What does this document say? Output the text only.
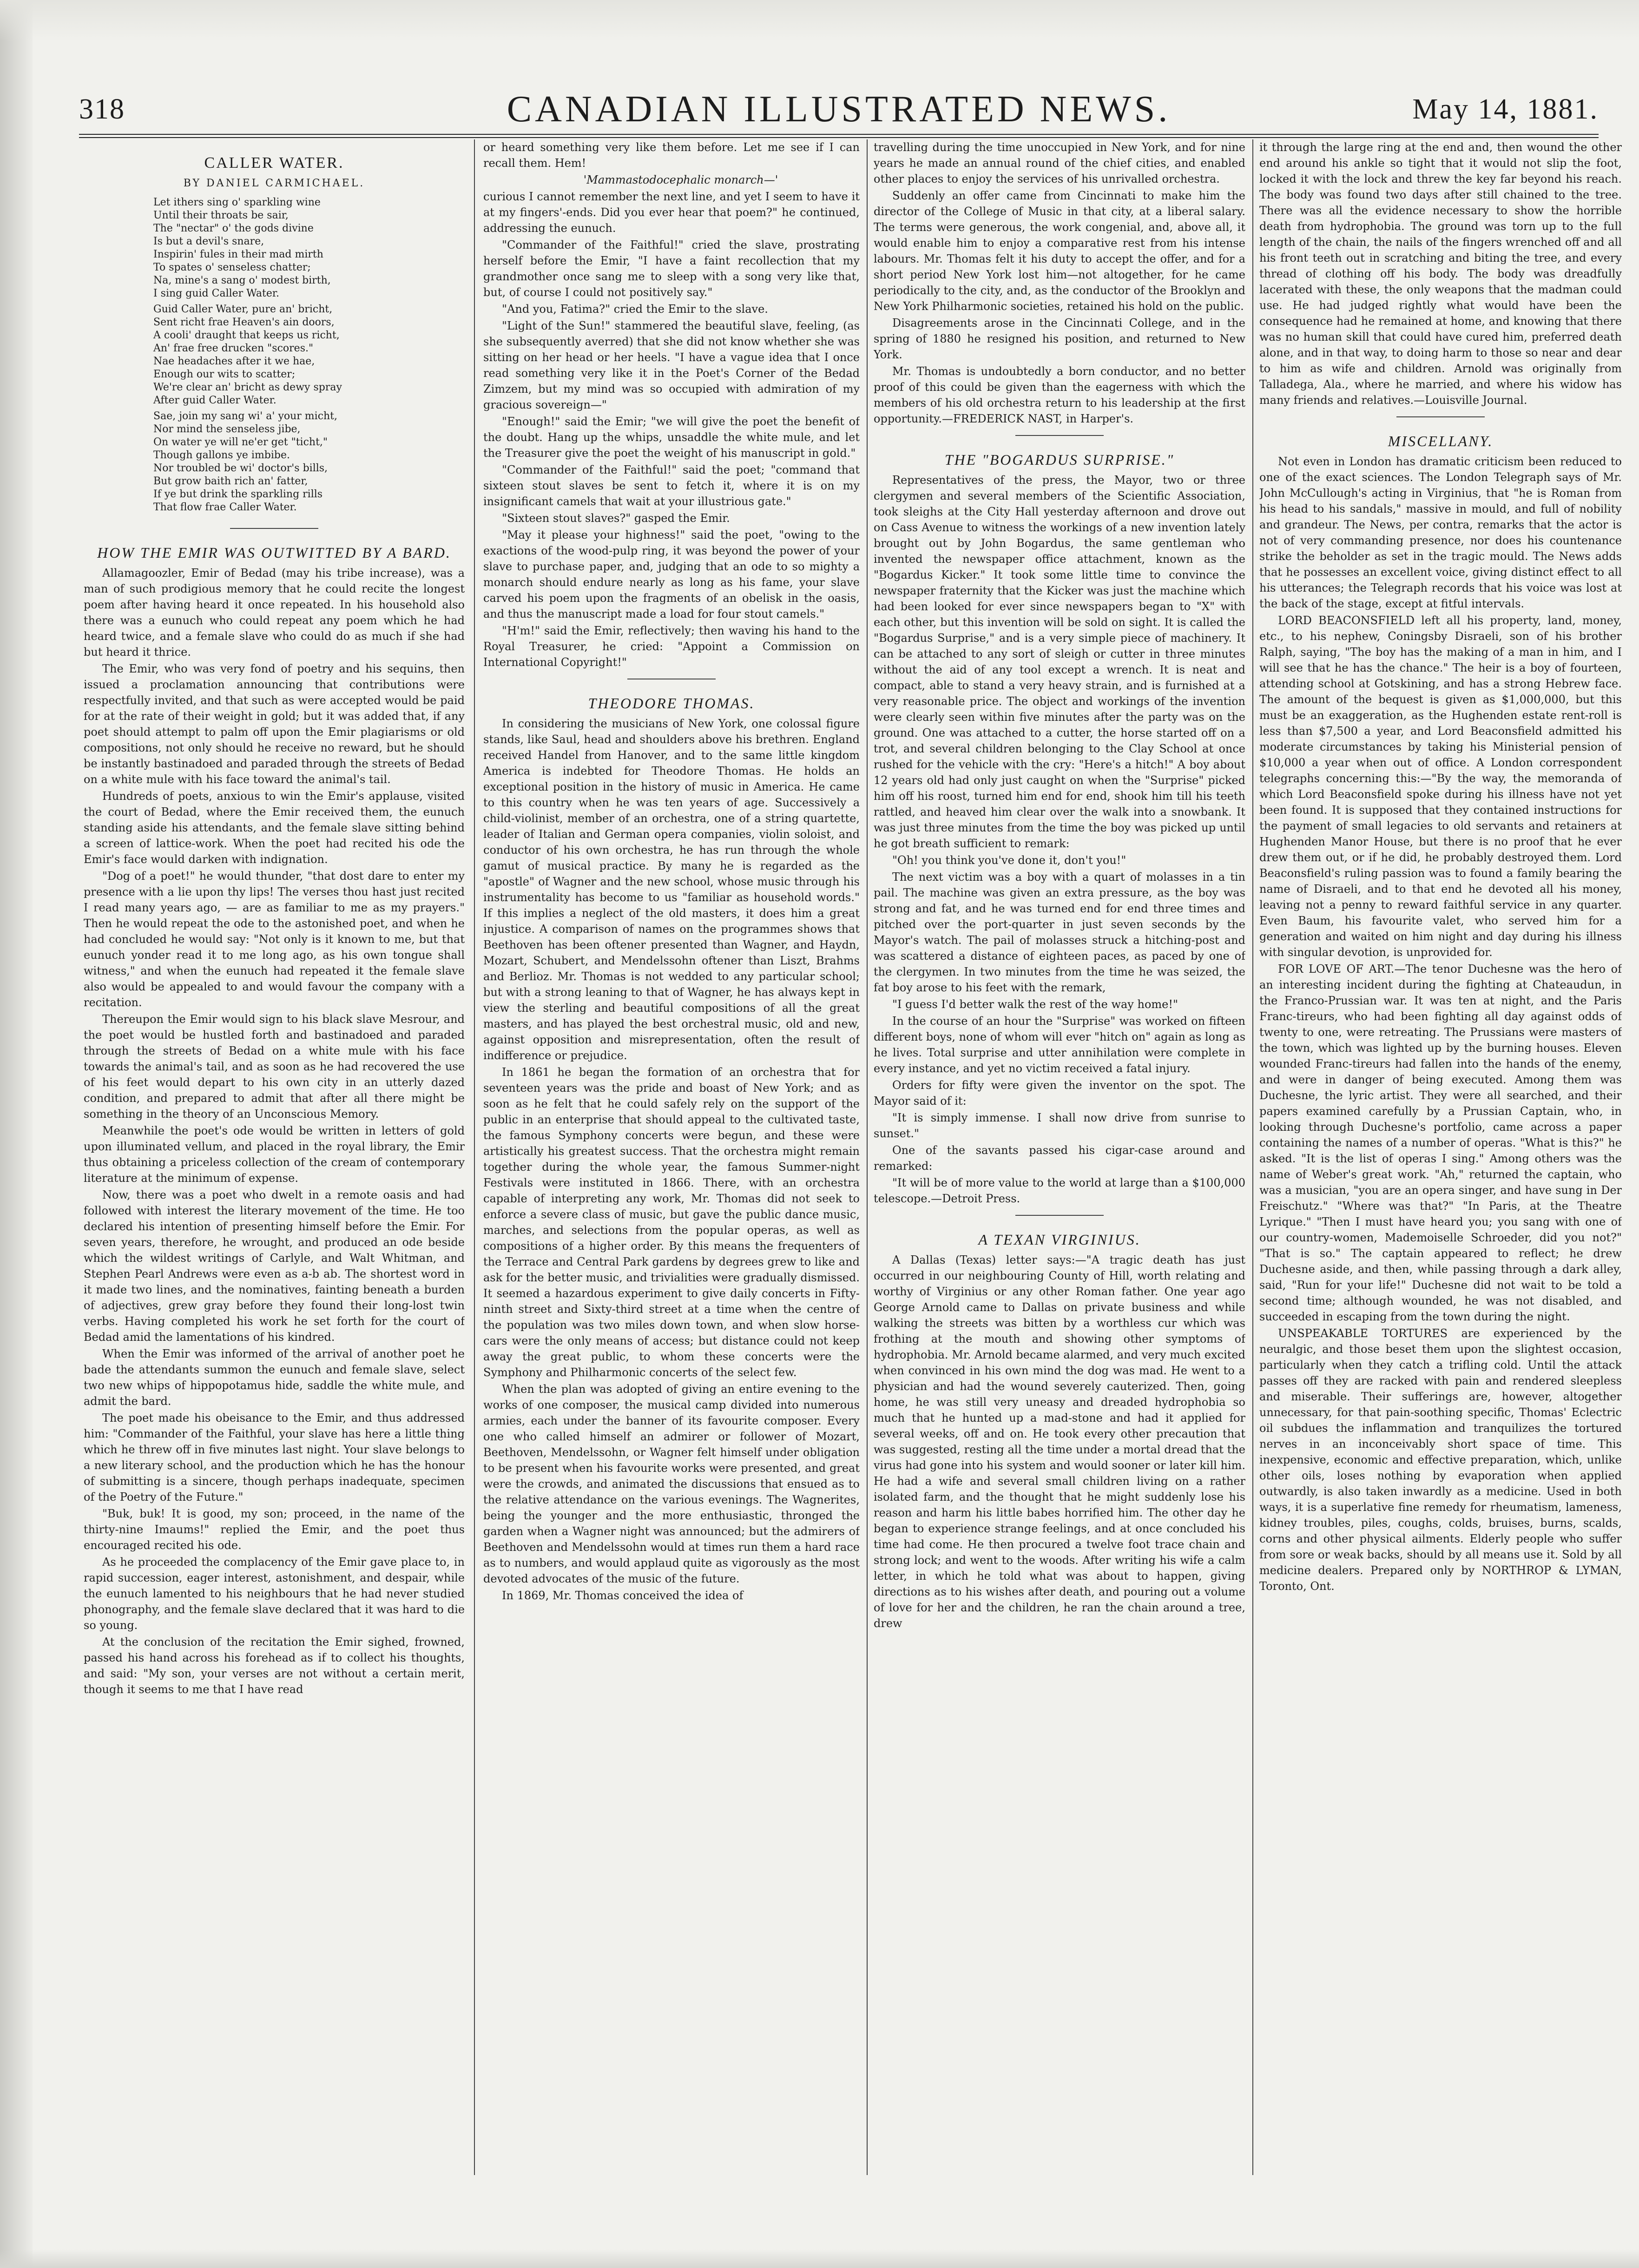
318	CANADIAN ILLUSTRATED NEWS.	May 14, 1881.
CALLER WATER.
BY DANIEL CARMICHAEL.

Let ithers sing o' sparkling wine
Until their throats be sair,
The "nectar" o' the gods divine
Is but a devil's snare,
Inspirin' fules in their mad mirth
To spates o' senseless chatter;
Na, mine's a sang o' modest birth,
I sing guid Caller Water.

Guid Caller Water, pure an' bricht,
Sent richt frae Heaven's ain doors,
A cooli' draught that keeps us richt,
An' frae free drucken "scores."
Nae headaches after it we hae,
Enough our wits to scatter;
We're clear an' bricht as dewy spray
After guid Caller Water.

Sae, join my sang wi' a' your micht,
Nor mind the senseless jibe,
On water ye will ne'er get "ticht,"
Though gallons ye imbibe.
Nor troubled be wi' doctor's bills,
But grow baith rich an' fatter,
If ye but drink the sparkling rills
That flow frae Caller Water.

HOW THE EMIR WAS OUTWITTED BY A BARD.

Allamagoozler, Emir of Bedad (may his tribe increase), was a man of such prodigious memory that he could recite the longest poem after having heard it once repeated. In his household also there was a eunuch who could repeat any poem which he had heard twice, and a female slave who could do as much if she had but heard it thrice.

The Emir, who was very fond of poetry and his sequins, then issued a proclamation announcing that contributions were respectfully invited, and that such as were accepted would be paid for at the rate of their weight in gold; but it was added that, if any poet should attempt to palm off upon the Emir plagiarisms or old compositions, not only should he receive no reward, but he should be instantly bastinadoed and paraded through the streets of Bedad on a white mule with his face toward the animal's tail.

Hundreds of poets, anxious to win the Emir's applause, visited the court of Bedad, where the Emir received them, the eunuch standing aside his attendants, and the female slave sitting behind a screen of lattice-work. When the poet had recited his ode the Emir's face would darken with indignation.

"Dog of a poet!" he would thunder, "that dost dare to enter my presence with a lie upon thy lips! The verses thou hast just recited I read many years ago, — are as familiar to me as my prayers." Then he would repeat the ode to the astonished poet, and when he had concluded he would say: "Not only is it known to me, but that eunuch yonder read it to me long ago, as his own tongue shall witness," and when the eunuch had repeated it the female slave also would be appealed to and would favour the company with a recitation.

Thereupon the Emir would sign to his black slave Mesrour, and the poet would be hustled forth and bastinadoed and paraded through the streets of Bedad on a white mule with his face towards the animal's tail, and as soon as he had recovered the use of his feet would depart to his own city in an utterly dazed condition, and prepared to admit that after all there might be something in the theory of an Unconscious Memory.

Meanwhile the poet's ode would be written in letters of gold upon illuminated vellum, and placed in the royal library, the Emir thus obtaining a priceless collection of the cream of contemporary literature at the minimum of expense.

Now, there was a poet who dwelt in a remote oasis and had followed with interest the literary movement of the time. He too declared his intention of presenting himself before the Emir. For seven years, therefore, he wrought, and produced an ode beside which the wildest writings of Carlyle, and Walt Whitman, and Stephen Pearl Andrews were even as a-b ab. The shortest word in it made two lines, and the nominatives, fainting beneath a burden of adjectives, grew gray before they found their long-lost twin verbs. Having completed his work he set forth for the court of Bedad amid the lamentations of his kindred.

When the Emir was informed of the arrival of another poet he bade the attendants summon the eunuch and female slave, select two new whips of hippopotamus hide, saddle the white mule, and admit the bard.

The poet made his obeisance to the Emir, and thus addressed him: "Commander of the Faithful, your slave has here a little thing which he threw off in five minutes last night. Your slave belongs to a new literary school, and the production which he has the honour of submitting is a sincere, though perhaps inadequate, specimen of the Poetry of the Future."

"Buk, buk! It is good, my son; proceed, in the name of the thirty-nine Imaums!" replied the Emir, and the poet thus encouraged recited his ode.

As he proceeded the complacency of the Emir gave place to, in rapid succession, eager interest, astonishment, and despair, while the eunuch lamented to his neighbours that he had never studied phonography, and the female slave declared that it was hard to die so young.

At the conclusion of the recitation the Emir sighed, frowned, passed his hand across his forehead as if to collect his thoughts, and said: "My son, your verses are not without a certain merit, though it seems to me that I have read

or heard something very like them before. Let me see if I can recall them. Hem!

'Mammastodocephalic monarch—'

curious I cannot remember the next line, and yet I seem to have it at my fingers'-ends. Did you ever hear that poem?" he continued, addressing the eunuch.

"Commander of the Faithful!" cried the slave, prostrating herself before the Emir, "I have a faint recollection that my grandmother once sang me to sleep with a song very like that, but, of course I could not positively say."

"And you, Fatima?" cried the Emir to the slave.

"Light of the Sun!" stammered the beautiful slave, feeling, (as she subsequently averred) that she did not know whether she was sitting on her head or her heels. "I have a vague idea that I once read something very like it in the Poet's Corner of the Bedad Zimzem, but my mind was so occupied with admiration of my gracious sovereign—"

"Enough!" said the Emir; "we will give the poet the benefit of the doubt. Hang up the whips, unsaddle the white mule, and let the Treasurer give the poet the weight of his manuscript in gold."

"Commander of the Faithful!" said the poet; "command that sixteen stout slaves be sent to fetch it, where it is on my insignificant camels that wait at your illustrious gate."

"Sixteen stout slaves?" gasped the Emir.

"May it please your highness!" said the poet, "owing to the exactions of the wood-pulp ring, it was beyond the power of your slave to purchase paper, and, judging that an ode to so mighty a monarch should endure nearly as long as his fame, your slave carved his poem upon the fragments of an obelisk in the oasis, and thus the manuscript made a load for four stout camels."

"H'm!" said the Emir, reflectively; then waving his hand to the Royal Treasurer, he cried: "Appoint a Commission on International Copyright!"

THEODORE THOMAS.

In considering the musicians of New York, one colossal figure stands, like Saul, head and shoulders above his brethren. England received Handel from Hanover, and to the same little kingdom America is indebted for Theodore Thomas. He holds an exceptional position in the history of music in America. He came to this country when he was ten years of age. Successively a child-violinist, member of an orchestra, one of a string quartette, leader of Italian and German opera companies, violin soloist, and conductor of his own orchestra, he has run through the whole gamut of musical practice. By many he is regarded as the "apostle" of Wagner and the new school, whose music through his instrumentality has become to us "familiar as household words." If this implies a neglect of the old masters, it does him a great injustice. A comparison of names on the programmes shows that Beethoven has been oftener presented than Wagner, and Haydn, Mozart, Schubert, and Mendelssohn oftener than Liszt, Brahms and Berlioz. Mr. Thomas is not wedded to any particular school; but with a strong leaning to that of Wagner, he has always kept in view the sterling and beautiful compositions of all the great masters, and has played the best orchestral music, old and new, against opposition and misrepresentation, often the result of indifference or prejudice.

In 1861 he began the formation of an orchestra that for seventeen years was the pride and boast of New York; and as soon as he felt that he could safely rely on the support of the public in an enterprise that should appeal to the cultivated taste, the famous Symphony concerts were begun, and these were artistically his greatest success. That the orchestra might remain together during the whole year, the famous Summer-night Festivals were instituted in 1866. There, with an orchestra capable of interpreting any work, Mr. Thomas did not seek to enforce a severe class of music, but gave the public dance music, marches, and selections from the popular operas, as well as compositions of a higher order. By this means the frequenters of the Terrace and Central Park gardens by degrees grew to like and ask for the better music, and trivialities were gradually dismissed. It seemed a hazardous experiment to give daily concerts in Fifty-ninth street and Sixty-third street at a time when the centre of the population was two miles down town, and when slow horse-cars were the only means of access; but distance could not keep away the great public, to whom these concerts were the Symphony and Philharmonic concerts of the select few.

When the plan was adopted of giving an entire evening to the works of one composer, the musical camp divided into numerous armies, each under the banner of its favourite composer. Every one who called himself an admirer or follower of Mozart, Beethoven, Mendelssohn, or Wagner felt himself under obligation to be present when his favourite works were presented, and great were the crowds, and animated the discussions that ensued as to the relative attendance on the various evenings. The Wagnerites, being the younger and the more enthusiastic, thronged the garden when a Wagner night was announced; but the admirers of Beethoven and Mendelssohn would at times run them a hard race as to numbers, and would applaud quite as vigorously as the most devoted advocates of the music of the future.

In 1869, Mr. Thomas conceived the idea of

travelling during the time unoccupied in New York, and for nine years he made an annual round of the chief cities, and enabled other places to enjoy the services of his unrivalled orchestra.

Suddenly an offer came from Cincinnati to make him the director of the College of Music in that city, at a liberal salary. The terms were generous, the work congenial, and, above all, it would enable him to enjoy a comparative rest from his intense labours. Mr. Thomas felt it his duty to accept the offer, and for a short period New York lost him—not altogether, for he came periodically to the city, and, as the conductor of the Brooklyn and New York Philharmonic societies, retained his hold on the public.

Disagreements arose in the Cincinnati College, and in the spring of 1880 he resigned his position, and returned to New York.

Mr. Thomas is undoubtedly a born conductor, and no better proof of this could be given than the eagerness with which the members of his old orchestra return to his leadership at the first opportunity.—FREDERICK NAST, in Harper's.

THE "BOGARDUS SURPRISE."

Representatives of the press, the Mayor, two or three clergymen and several members of the Scientific Association, took sleighs at the City Hall yesterday afternoon and drove out on Cass Avenue to witness the workings of a new invention lately brought out by John Bogardus, the same gentleman who invented the newspaper office attachment, known as the "Bogardus Kicker." It took some little time to convince the newspaper fraternity that the Kicker was just the machine which had been looked for ever since newspapers began to "X" with each other, but this invention will be sold on sight. It is called the "Bogardus Surprise," and is a very simple piece of machinery. It can be attached to any sort of sleigh or cutter in three minutes without the aid of any tool except a wrench. It is neat and compact, able to stand a very heavy strain, and is furnished at a very reasonable price. The object and workings of the invention were clearly seen within five minutes after the party was on the ground. One was attached to a cutter, the horse started off on a trot, and several children belonging to the Clay School at once rushed for the vehicle with the cry: "Here's a hitch!" A boy about 12 years old had only just caught on when the "Surprise" picked him off his roost, turned him end for end, shook him till his teeth rattled, and heaved him clear over the walk into a snowbank. It was just three minutes from the time the boy was picked up until he got breath sufficient to remark:

"Oh! you think you've done it, don't you!"

The next victim was a boy with a quart of molasses in a tin pail. The machine was given an extra pressure, as the boy was strong and fat, and he was turned end for end three times and pitched over the port-quarter in just seven seconds by the Mayor's watch. The pail of molasses struck a hitching-post and was scattered a distance of eighteen paces, as paced by one of the clergymen. In two minutes from the time he was seized, the fat boy arose to his feet with the remark,

"I guess I'd better walk the rest of the way home!"

In the course of an hour the "Surprise" was worked on fifteen different boys, none of whom will ever "hitch on" again as long as he lives. Total surprise and utter annihilation were complete in every instance, and yet no victim received a fatal injury.

Orders for fifty were given the inventor on the spot. The Mayor said of it:

"It is simply immense. I shall now drive from sunrise to sunset."

One of the savants passed his cigar-case around and remarked:

"It will be of more value to the world at large than a $100,000 telescope.—Detroit Press.

A TEXAN VIRGINIUS.

A Dallas (Texas) letter says:—"A tragic death has just occurred in our neighbouring County of Hill, worth relating and worthy of Virginius or any other Roman father. One year ago George Arnold came to Dallas on private business and while walking the streets was bitten by a worthless cur which was frothing at the mouth and showing other symptoms of hydrophobia. Mr. Arnold became alarmed, and very much excited when convinced in his own mind the dog was mad. He went to a physician and had the wound severely cauterized. Then, going home, he was still very uneasy and dreaded hydrophobia so much that he hunted up a mad-stone and had it applied for several weeks, off and on. He took every other precaution that was suggested, resting all the time under a mortal dread that the virus had gone into his system and would sooner or later kill him. He had a wife and several small children living on a rather isolated farm, and the thought that he might suddenly lose his reason and harm his little babes horrified him. The other day he began to experience strange feelings, and at once concluded his time had come. He then procured a twelve foot trace chain and strong lock; and went to the woods. After writing his wife a calm letter, in which he told what was about to happen, giving directions as to his wishes after death, and pouring out a volume of love for her and the children, he ran the chain around a tree, drew

it through the large ring at the end and, then wound the other end around his ankle so tight that it would not slip the foot, locked it with the lock and threw the key far beyond his reach. The body was found two days after still chained to the tree. There was all the evidence necessary to show the horrible death from hydrophobia. The ground was torn up to the full length of the chain, the nails of the fingers wrenched off and all his front teeth out in scratching and biting the tree, and every thread of clothing off his body. The body was dreadfully lacerated with these, the only weapons that the madman could use. He had judged rightly what would have been the consequence had he remained at home, and knowing that there was no human skill that could have cured him, preferred death alone, and in that way, to doing harm to those so near and dear to him as wife and children. Arnold was originally from Talladega, Ala., where he married, and where his widow has many friends and relatives.—Louisville Journal.

MISCELLANY.

Not even in London has dramatic criticism been reduced to one of the exact sciences. The London Telegraph says of Mr. John McCullough's acting in Virginius, that "he is Roman from his head to his sandals," massive in mould, and full of nobility and grandeur. The News, per contra, remarks that the actor is not of very commanding presence, nor does his countenance strike the beholder as set in the tragic mould. The News adds that he possesses an excellent voice, giving distinct effect to all his utterances; the Telegraph records that his voice was lost at the back of the stage, except at fitful intervals.

LORD BEACONSFIELD left all his property, land, money, etc., to his nephew, Coningsby Disraeli, son of his brother Ralph, saying, "The boy has the making of a man in him, and I will see that he has the chance." The heir is a boy of fourteen, attending school at Gotskining, and has a strong Hebrew face. The amount of the bequest is given as $1,000,000, but this must be an exaggeration, as the Hughenden estate rent-roll is less than $7,500 a year, and Lord Beaconsfield admitted his moderate circumstances by taking his Ministerial pension of $10,000 a year when out of office. A London correspondent telegraphs concerning this:—"By the way, the memoranda of which Lord Beaconsfield spoke during his illness have not yet been found. It is supposed that they contained instructions for the payment of small legacies to old servants and retainers at Hughenden Manor House, but there is no proof that he ever drew them out, or if he did, he probably destroyed them. Lord Beaconsfield's ruling passion was to found a family bearing the name of Disraeli, and to that end he devoted all his money, leaving not a penny to reward faithful service in any quarter. Even Baum, his favourite valet, who served him for a generation and waited on him night and day during his illness with singular devotion, is unprovided for.

FOR LOVE OF ART.—The tenor Duchesne was the hero of an interesting incident during the fighting at Chateaudun, in the Franco-Prussian war. It was ten at night, and the Paris Franc-tireurs, who had been fighting all day against odds of twenty to one, were retreating. The Prussians were masters of the town, which was lighted up by the burning houses. Eleven wounded Franc-tireurs had fallen into the hands of the enemy, and were in danger of being executed. Among them was Duchesne, the lyric artist. They were all searched, and their papers examined carefully by a Prussian Captain, who, in looking through Duchesne's portfolio, came across a paper containing the names of a number of operas. "What is this?" he asked. "It is the list of operas I sing." Among others was the name of Weber's great work. "Ah," returned the captain, who was a musician, "you are an opera singer, and have sung in Der Freischutz." "Where was that?" "In Paris, at the Theatre Lyrique." "Then I must have heard you; you sang with one of our country-women, Mademoiselle Schroeder, did you not?" "That is so." The captain appeared to reflect; he drew Duchesne aside, and then, while passing through a dark alley, said, "Run for your life!" Duchesne did not wait to be told a second time; although wounded, he was not disabled, and succeeded in escaping from the town during the night.

UNSPEAKABLE TORTURES are experienced by the neuralgic, and those beset them upon the slightest occasion, particularly when they catch a trifling cold. Until the attack passes off they are racked with pain and rendered sleepless and miserable. Their sufferings are, however, altogether unnecessary, for that pain-soothing specific, Thomas' Eclectric oil subdues the inflammation and tranquilizes the tortured nerves in an inconceivably short space of time. This inexpensive, economic and effective preparation, which, unlike other oils, loses nothing by evaporation when applied outwardly, is also taken inwardly as a medicine. Used in both ways, it is a superlative fine remedy for rheumatism, lameness, kidney troubles, piles, coughs, colds, bruises, burns, scalds, corns and other physical ailments. Elderly people who suffer from sore or weak backs, should by all means use it. Sold by all medicine dealers. Prepared only by NORTHROP & LYMAN, Toronto, Ont.
